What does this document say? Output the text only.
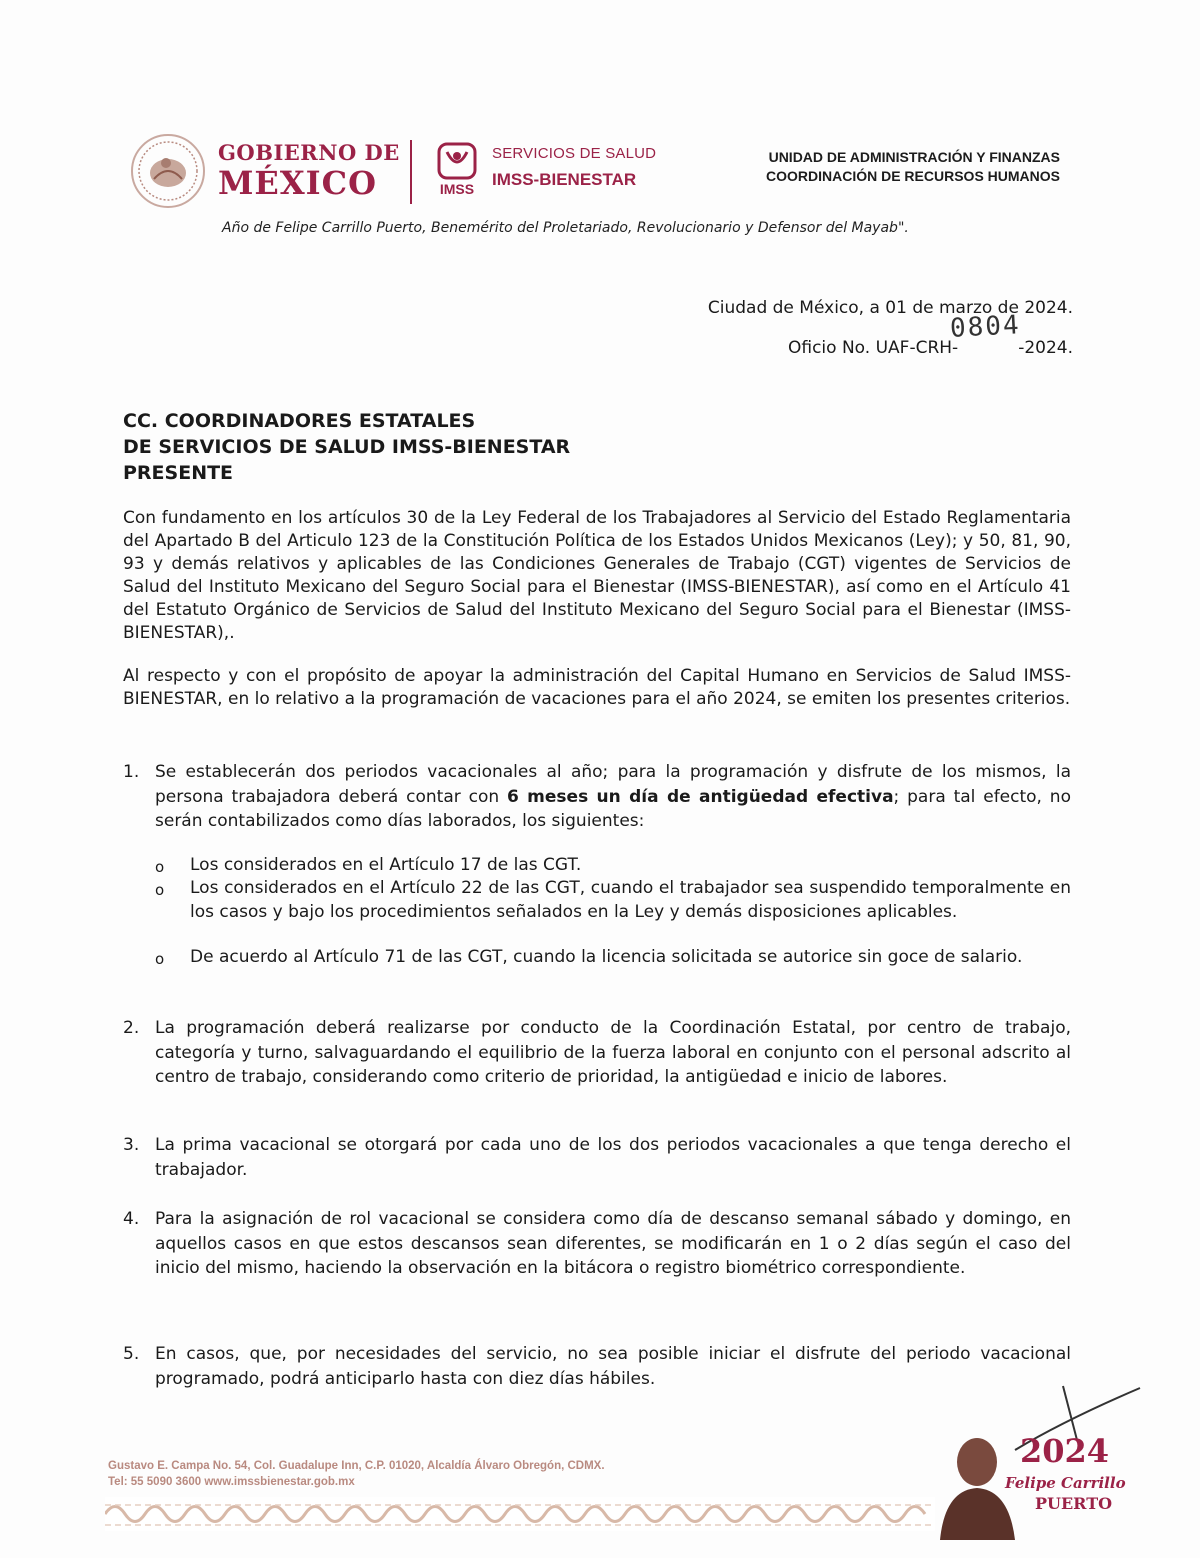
GOBIERNO DE
MÉXICO	IMSS
SERVICIOS DE SALUD
IMSS-BIENESTAR
UNIDAD DE ADMINISTRACIÓN Y FINANZAS
COORDINACIÓN DE RECURSOS HUMANOS
Año de Felipe Carrillo Puerto, Benemérito del Proletariado, Revolucionario y Defensor del Mayab".
Ciudad de México, a 01 de marzo de 2024.
Oficio No. UAF-CRH-	-2024.
0804
CC. COORDINADORES ESTATALES
DE SERVICIOS DE SALUD IMSS-BIENESTAR
PRESENTE

Con fundamento en los artículos 30 de la Ley Federal de los Trabajadores al Servicio del Estado Reglamentaria del Apartado B del Articulo 123 de la Constitución Política de los Estados Unidos Mexicanos (Ley); y 50, 81, 90, 93 y demás relativos y aplicables de las Condiciones Generales de Trabajo (CGT) vigentes de Servicios de Salud del Instituto Mexicano del Seguro Social para el Bienestar (IMSS-BIENESTAR), así como en el Artículo 41 del Estatuto Orgánico de Servicios de Salud del Instituto Mexicano del Seguro Social para el Bienestar (IMSS-BIENESTAR),.

Al respecto y con el propósito de apoyar la administración del Capital Humano en Servicios de Salud IMSS-BIENESTAR, en lo relativo a la programación de vacaciones para el año 2024, se emiten los presentes criterios.

1. Se establecerán dos periodos vacacionales al año; para la programación y disfrute de los mismos, la persona trabajadora deberá contar con 6 meses un día de antigüedad efectiva; para tal efecto, no serán contabilizados como días laborados, los siguientes:
o Los considerados en el Artículo 17 de las CGT.
o Los considerados en el Artículo 22 de las CGT, cuando el trabajador sea suspendido temporalmente en los casos y bajo los procedimientos señalados en la Ley y demás disposiciones aplicables.
o De acuerdo al Artículo 71 de las CGT, cuando la licencia solicitada se autorice sin goce de salario.
2. La programación deberá realizarse por conducto de la Coordinación Estatal, por centro de trabajo, categoría y turno, salvaguardando el equilibrio de la fuerza laboral en conjunto con el personal adscrito al centro de trabajo, considerando como criterio de prioridad, la antigüedad e inicio de labores.
3. La prima vacacional se otorgará por cada uno de los dos periodos vacacionales a que tenga derecho el trabajador.
4. Para la asignación de rol vacacional se considera como día de descanso semanal sábado y domingo, en aquellos casos en que estos descansos sean diferentes, se modificarán en 1 o 2 días según el caso del inicio del mismo, haciendo la observación en la bitácora o registro biométrico correspondiente.
5. En casos, que, por necesidades del servicio, no sea posible iniciar el disfrute del periodo vacacional programado, podrá anticiparlo hasta con diez días hábiles.
Gustavo E. Campa No. 54, Col. Guadalupe Inn, C.P. 01020, Alcaldía Álvaro Obregón, CDMX.
Tel: 55 5090 3600 www.imssbienestar.gob.mx
2024
Felipe Carrillo
PUERTO
